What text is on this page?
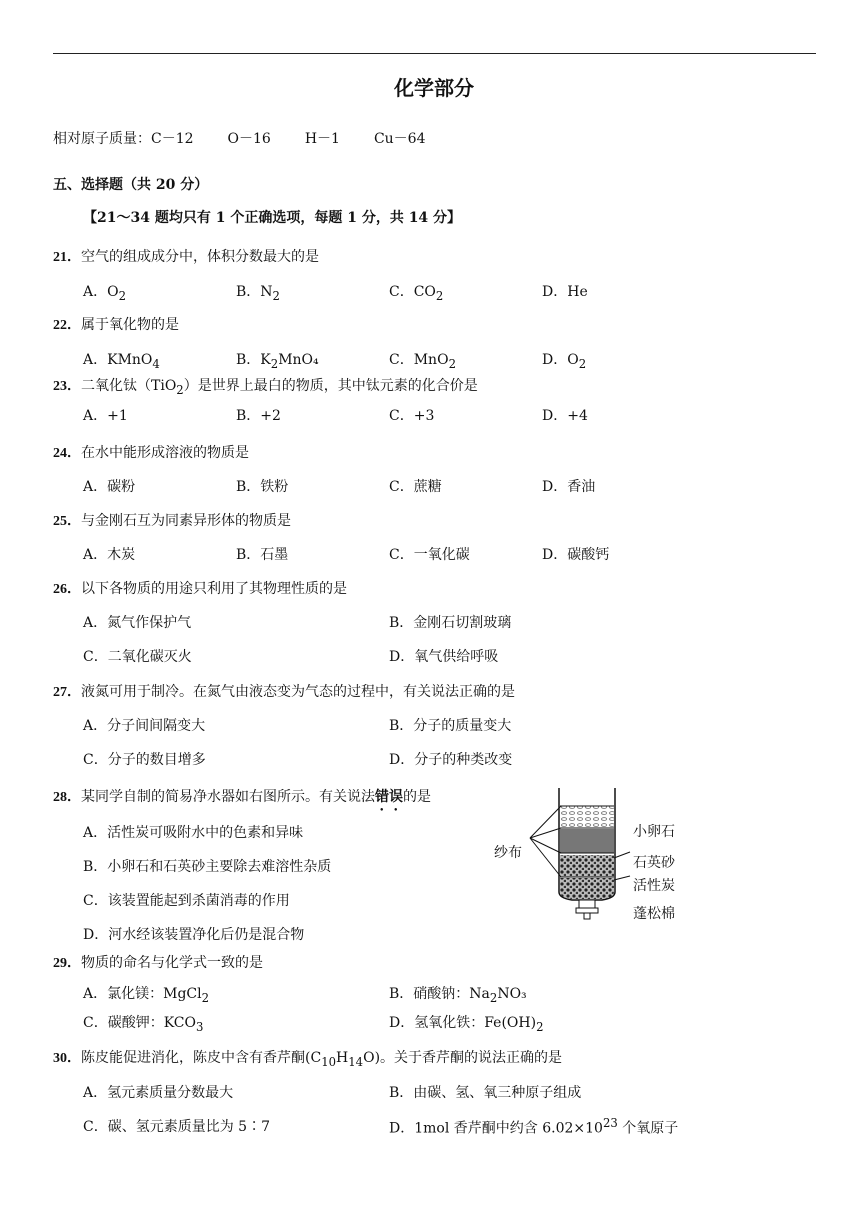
化学部分
相对原子质量：C－12 O－16 H－1 Cu－64
五、选择题（共 20 分）
【21～34 题均只有 1 个正确选项，每题 1 分，共 14 分】
21．空气的组成成分中，体积分数最大的是
A．$O_2$	B．$N_2$	C．$CO_2$	D．He
22．属于氧化物的是
A．KMnO$_4$	B．$K_2MnO_4$	C．MnO$_2$	D．$O_2$
23．二氧化钛（TiO$_2$）是世界上最白的物质，其中钛元素的化合价是
A．+1	B．+2	C．+3	D．+4
24．在水中能形成溶液的物质是
A．碳粉	B．铁粉	C．蔗糖	D．香油
25．与金刚石互为同素异形体的物质是
A．木炭	B．石墨	C．一氧化碳	D．碳酸钙
26．以下各物质的用途只利用了其物理性质的是
A．氮气作保护气	B．金刚石切割玻璃
C．二氧化碳灭火	D．氧气供给呼吸
27．液氮可用于制冷。在氮气由液态变为气态的过程中，有关说法正确的是
A．分子间间隔变大	B．分子的质量变大
C．分子的数目增多	D．分子的种类改变
28．某同学自制的简易净水器如右图所示。有关说法错误的是
A．活性炭可吸附水中的色素和异味
B．小卵石和石英砂主要除去难溶性杂质
C．该装置能起到杀菌消毒的作用
D．河水经该装置净化后仍是混合物
纱布
小卵石
石英砂
活性炭
蓬松棉
29．物质的命名与化学式一致的是
A．氯化镁：MgCl$_2$	B．硝酸钠：$Na_2NO_3$
C．碳酸钾：$KCO_3$	D．氢氧化铁：$Fe(OH)_2$
30．陈皮能促进消化，陈皮中含有香芹酮$(C_{10}H_{14}O)$。关于香芹酮的说法正确的是
A．氢元素质量分数最大	B．由碳、氢、氧三种原子组成
C．碳、氢元素质量比为 5∶7	D．1mol 香芹酮中约含 $6.02\times 10^{23}$ 个氧原子
